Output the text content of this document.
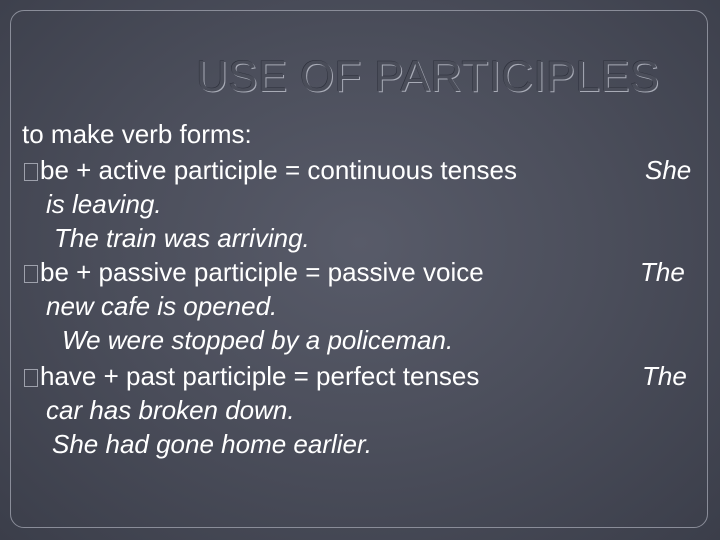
USE OF PARTICIPLES
to make verb forms:
be + active participle = continuous tenses	She
is leaving.
The train was arriving.
be + passive participle = passive voice	The
new cafe is opened.
We were stopped by a policeman.
have + past participle = perfect tenses	The
car has broken down.
She had gone home earlier.
